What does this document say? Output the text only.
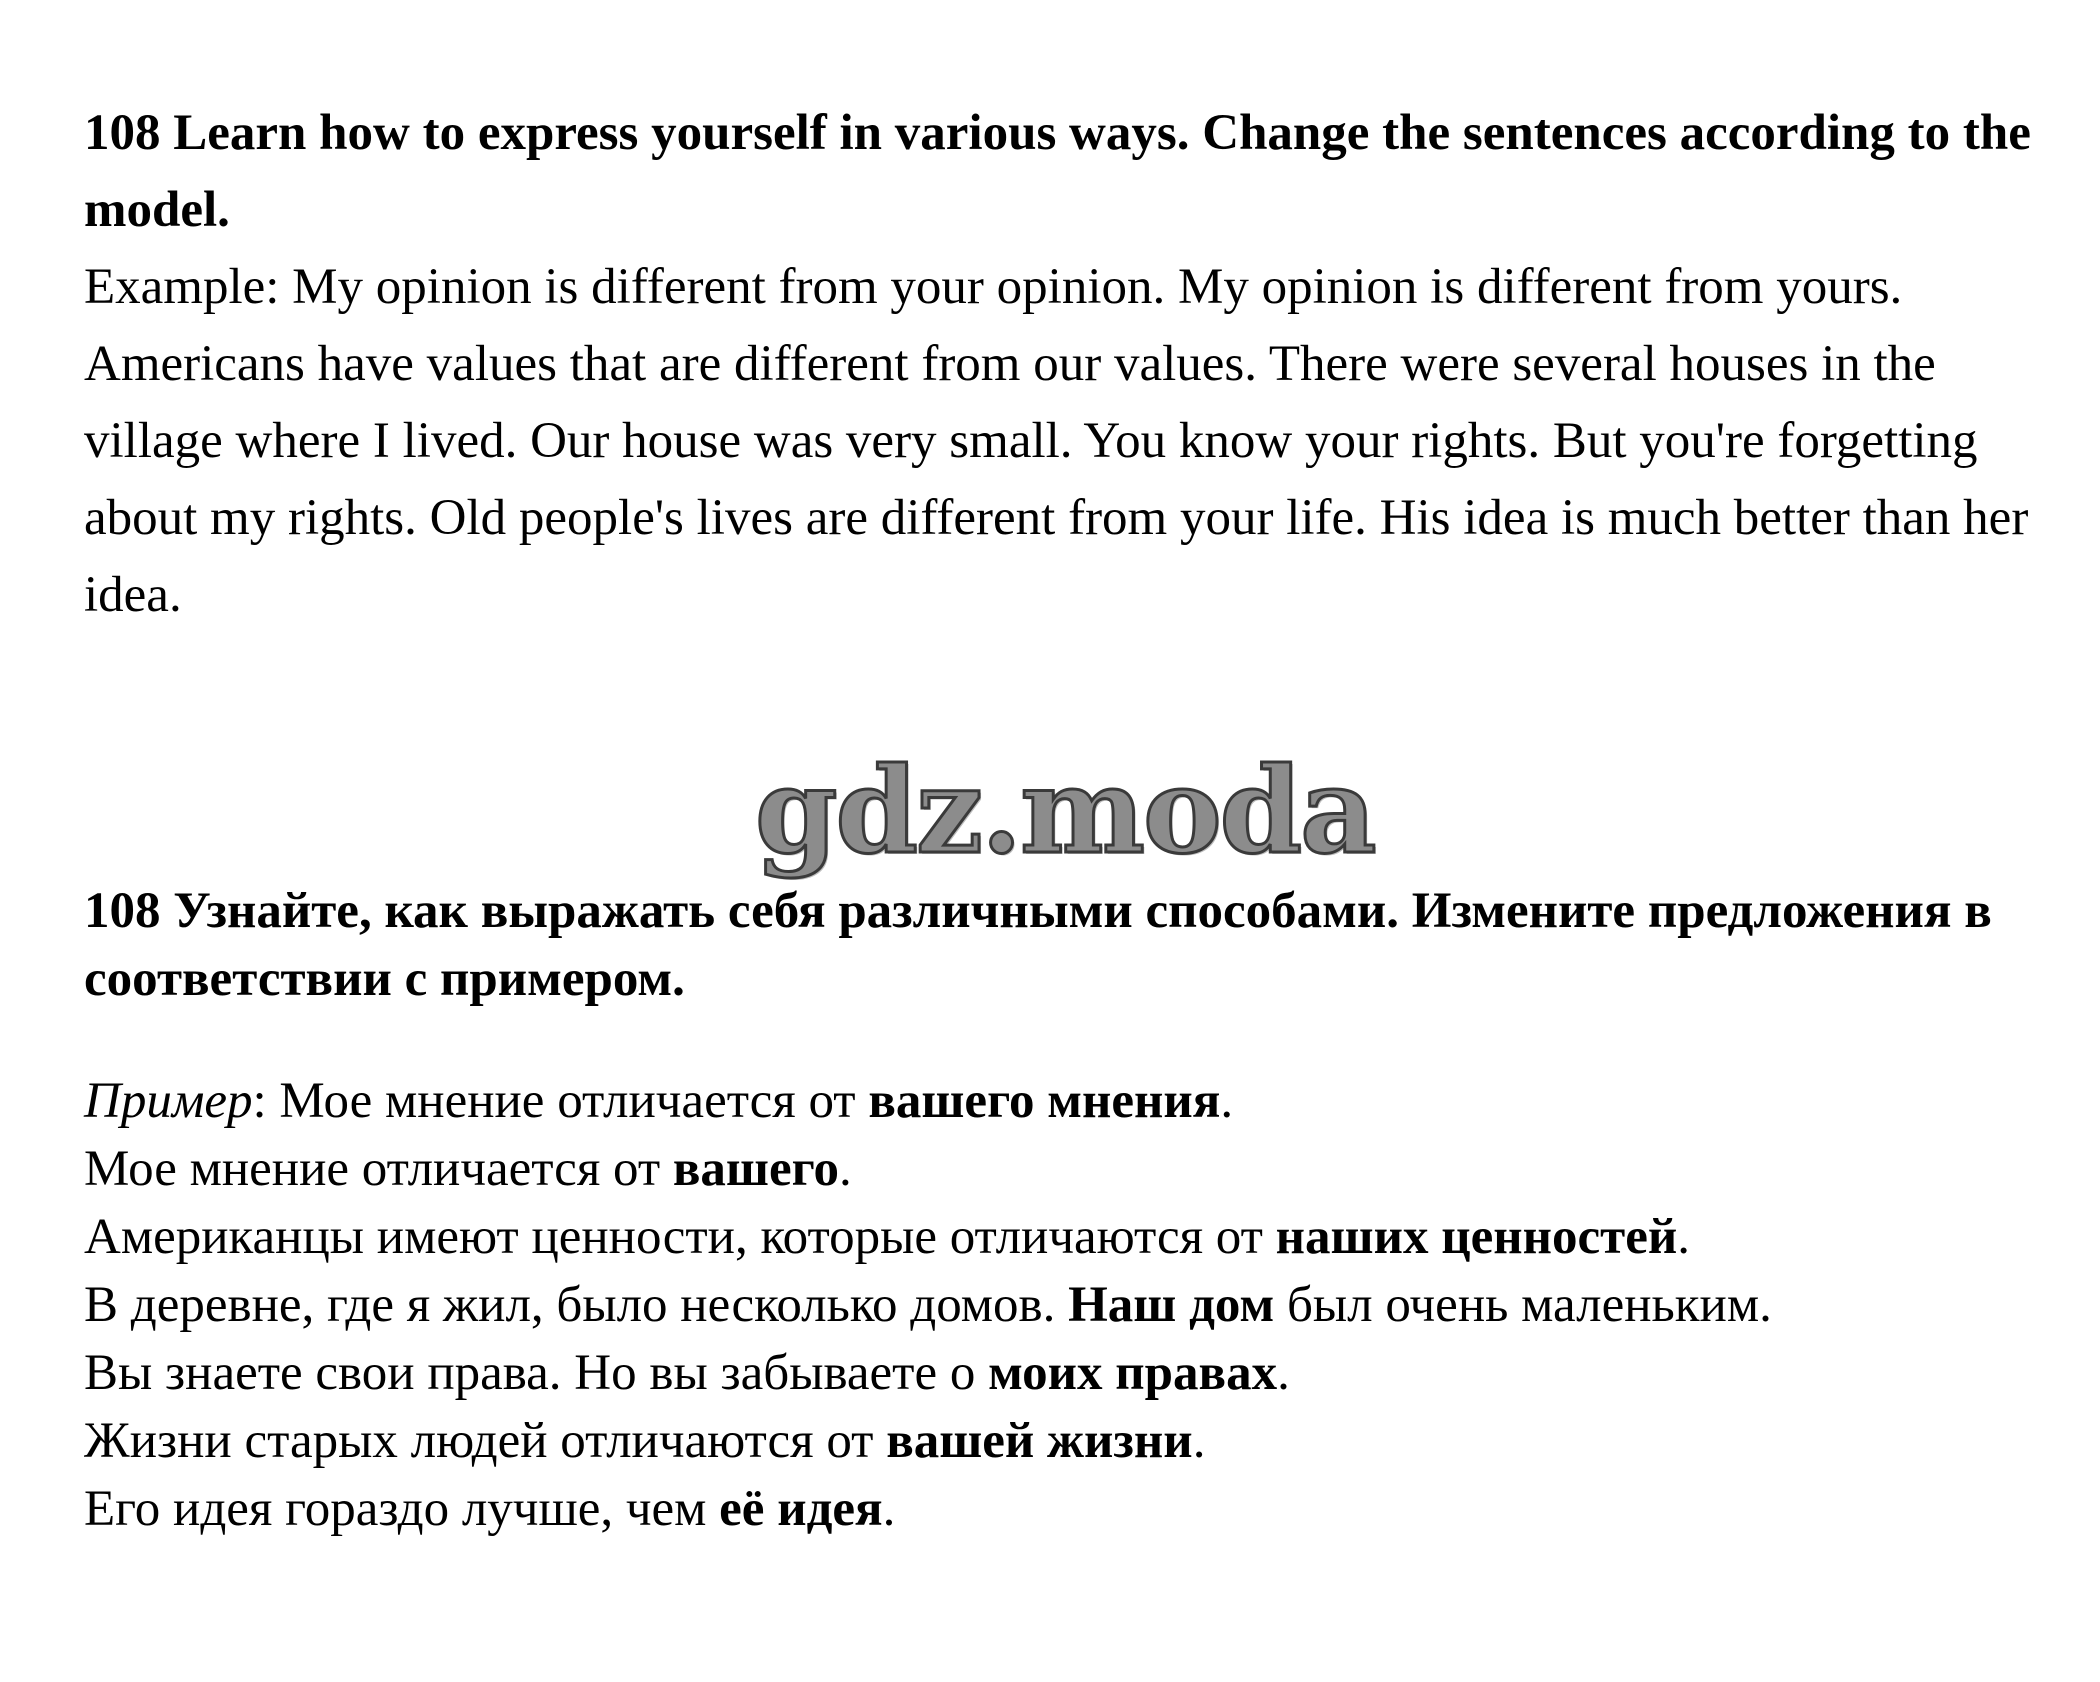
108 Learn how to express yourself in various ways. Change the sentences according to the model.
Example: My opinion is different from your opinion. My opinion is different from yours.
Americans have values that are different from our values. There were several houses in the village where I lived. Our house was very small. You know your rights. But you're forgetting about my rights. Old people's lives are different from your life. His idea is much better than her idea.
gdz.moda
108 Узнайте, как выражать себя различными способами. Измените предложения в соответствии с примером.
Пример: Мое мнение отличается от вашего мнения.
Мое мнение отличается от вашего.
Американцы имеют ценности, которые отличаются от наших ценностей.
В деревне, где я жил, было несколько домов. Наш дом был очень маленьким.
Вы знаете свои права. Но вы забываете о моих правах.
Жизни старых людей отличаются от вашей жизни.
Его идея гораздо лучше, чем её идея.
